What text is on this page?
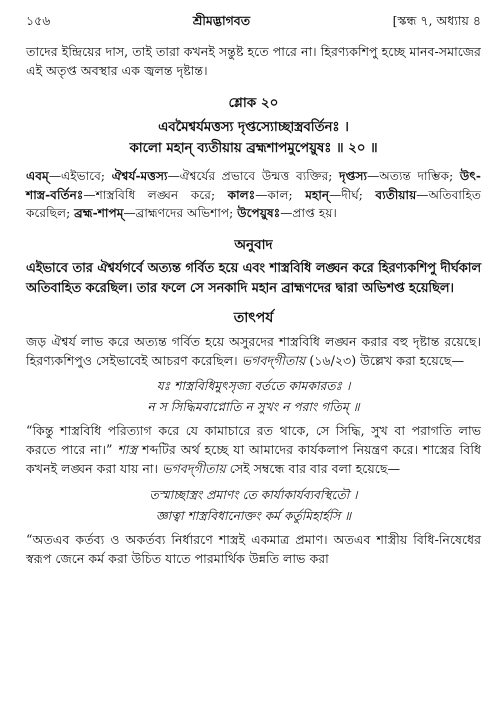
১৫৬	শ্রীমদ্ভাগবত	[স্কন্ধ ৭, অধ্যায় ৪

তাদের ইন্দ্রিয়ের দাস, তাই তারা কখনই সন্তুষ্ট হতে পারে না। হিরণ্যকশিপু হচ্ছে মানব-সমাজের এই অতৃপ্ত অবস্থার এক জ্বলন্ত দৃষ্টান্ত।

শ্লোক ২০
এবমৈশ্বর্যমত্তস্য দৃপ্তস্যোচ্ছাস্ত্রবর্তিনঃ ।
কালো মহান্‌ ব্যতীয়ায় ব্রহ্মশাপমুপেয়ুষঃ ॥ ২০ ॥

এবম্—এইভাবে; ঐশ্বর্য-মত্তস্য—ঐশ্বর্যের প্রভাবে উন্মত্ত ব্যক্তির; দৃপ্তস্য—অত্যন্ত দাম্ভিক; উৎ-শাস্ত্র-বর্তিনঃ—শাস্ত্রবিধি লঙ্ঘন করে; কালঃ—কাল; মহান্—দীর্ঘ; ব্যতীয়ায়—অতিবাহিত করেছিল; ব্রহ্ম-শাপম্—ব্রাহ্মণদের অভিশাপ; উপেয়ুষঃ—প্রাপ্ত হয়।

অনুবাদ

এইভাবে তার ঐশ্বর্যগর্বে অত্যন্ত গর্বিত হয়ে এবং শাস্ত্রবিধি লঙ্ঘন করে হিরণ্যকশিপু দীর্ঘকাল অতিবাহিত করেছিল। তার ফলে সে সনকাদি মহান ব্রাহ্মণদের দ্বারা অভিশপ্ত হয়েছিল।

তাৎপর্য

জড় ঐশ্বর্য লাভ করে অত্যন্ত গর্বিত হয়ে অসুরদের শাস্ত্রবিধি লঙ্ঘন করার বহু দৃষ্টান্ত রয়েছে। হিরণ্যকশিপুও সেইভাবেই আচরণ করেছিল। ভগবদ্‌গীতায় (১৬/২৩) উল্লেখ করা হয়েছে—

যঃ শাস্ত্রবিধিমুৎসৃজ্য বর্ততে কামকারতঃ ।
ন স সিদ্ধিমবাপ্নোতি ন সুখং ন পরাং গতিম্‌ ॥

“কিন্তু শাস্ত্রবিধি পরিত্যাগ করে যে কামাচারে রত থাকে, সে সিদ্ধি, সুখ বা পরাগতি লাভ করতে পারে না।” শাস্ত্র শব্দটির অর্থ হচ্ছে যা আমাদের কার্যকলাপ নিয়ন্ত্রণ করে। শাস্ত্রের বিধি কখনই লঙ্ঘন করা যায় না। ভগবদ্‌গীতায় সেই সম্বন্ধে বার বার বলা হয়েছে—

তস্মাচ্ছাস্ত্রং প্রমাণং তে কার্যাকার্যব্যবস্থিতৌ ।
জ্ঞাত্বা শাস্ত্রবিধানোক্তং কর্ম কর্তুমিহার্হসি ॥

“অতএব কর্তব্য ও অকর্তব্য নির্ধারণে শাস্ত্রই একমাত্র প্রমাণ। অতএব শাস্ত্রীয় বিধি-নিষেধের স্বরূপ জেনে কর্ম করা উচিত যাতে পারমার্থিক উন্নতি লাভ করা
